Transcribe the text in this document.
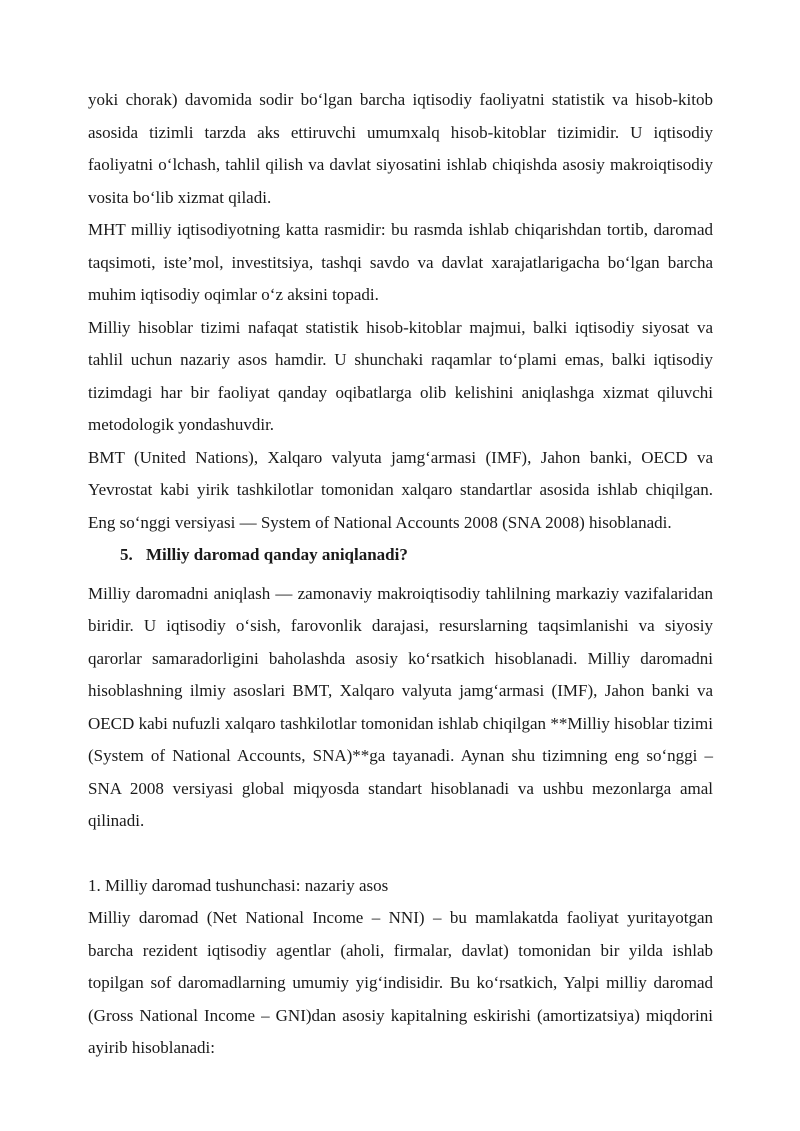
yoki chorak) davomida sodir bo‘lgan barcha iqtisodiy faoliyatni statistik va hisob-kitob asosida tizimli tarzda aks ettiruvchi umumxalq hisob-kitoblar tizimidir. U iqtisodiy faoliyatni o‘lchash, tahlil qilish va davlat siyosatini ishlab chiqishda asosiy makroiqtisodiy vosita bo‘lib xizmat qiladi.

MHT milliy iqtisodiyotning katta rasmidir: bu rasmda ishlab chiqarishdan tortib, daromad taqsimoti, iste’mol, investitsiya, tashqi savdo va davlat xarajatlarigacha bo‘lgan barcha muhim iqtisodiy oqimlar o‘z aksini topadi.

Milliy hisoblar tizimi nafaqat statistik hisob-kitoblar majmui, balki iqtisodiy siyosat va tahlil uchun nazariy asos hamdir. U shunchaki raqamlar to‘plami emas, balki iqtisodiy tizimdagi har bir faoliyat qanday oqibatlarga olib kelishini aniqlashga xizmat qiluvchi metodologik yondashuvdir.

BMT (United Nations), Xalqaro valyuta jamg‘armasi (IMF), Jahon banki, OECD va Yevrostat kabi yirik tashkilotlar tomonidan xalqaro standartlar asosida ishlab chiqilgan. Eng so‘nggi versiyasi — System of National Accounts 2008 (SNA 2008) hisoblanadi.

5. Milliy daromad qanday aniqlanadi?

Milliy daromadni aniqlash — zamonaviy makroiqtisodiy tahlilning markaziy vazifalaridan biridir. U iqtisodiy o‘sish, farovonlik darajasi, resurslarning taqsimlanishi va siyosiy qarorlar samaradorligini baholashda asosiy ko‘rsatkich hisoblanadi. Milliy daromadni hisoblashning ilmiy asoslari BMT, Xalqaro valyuta jamg‘armasi (IMF), Jahon banki va OECD kabi nufuzli xalqaro tashkilotlar tomonidan ishlab chiqilgan **Milliy hisoblar tizimi (System of National Accounts, SNA)**ga tayanadi. Aynan shu tizimning eng so‘nggi – SNA 2008 versiyasi global miqyosda standart hisoblanadi va ushbu mezonlarga amal qilinadi.

1. Milliy daromad tushunchasi: nazariy asos

Milliy daromad (Net National Income – NNI) – bu mamlakatda faoliyat yuritayotgan barcha rezident iqtisodiy agentlar (aholi, firmalar, davlat) tomonidan bir yilda ishlab topilgan sof daromadlarning umumiy yig‘indisidir. Bu ko‘rsatkich, Yalpi milliy daromad (Gross National Income – GNI)dan asosiy kapitalning eskirishi (amortizatsiya) miqdorini ayirib hisoblanadi:
